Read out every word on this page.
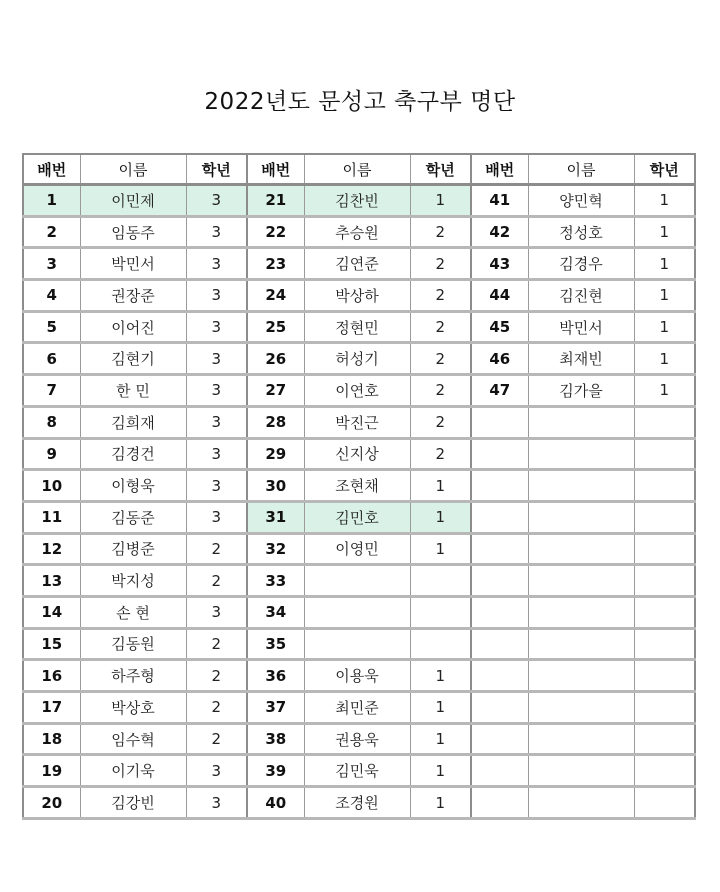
2022년도 문성고 축구부 명단
배번	이름	학년	배번	이름	학년	배번	이름	학년
1	이민제	3	21	김찬빈	1	41	양민혁	1
2	임동주	3	22	추승원	2	42	정성호	1
3	박민서	3	23	김연준	2	43	김경우	1
4	권장준	3	24	박상하	2	44	김진현	1
5	이어진	3	25	정현민	2	45	박민서	1
6	김현기	3	26	허성기	2	46	최재빈	1
7	한 민	3	27	이연호	2	47	김가을	1
8	김희재	3	28	박진근	2			
9	김경건	3	29	신지상	2			
10	이형욱	3	30	조현채	1			
11	김동준	3	31	김민호	1			
12	김병준	2	32	이영민	1			
13	박지성	2	33					
14	손 현	3	34					
15	김동원	2	35					
16	하주형	2	36	이용욱	1			
17	박상호	2	37	최민준	1			
18	임수혁	2	38	권용욱	1			
19	이기욱	3	39	김민욱	1			
20	김강빈	3	40	조경원	1			
